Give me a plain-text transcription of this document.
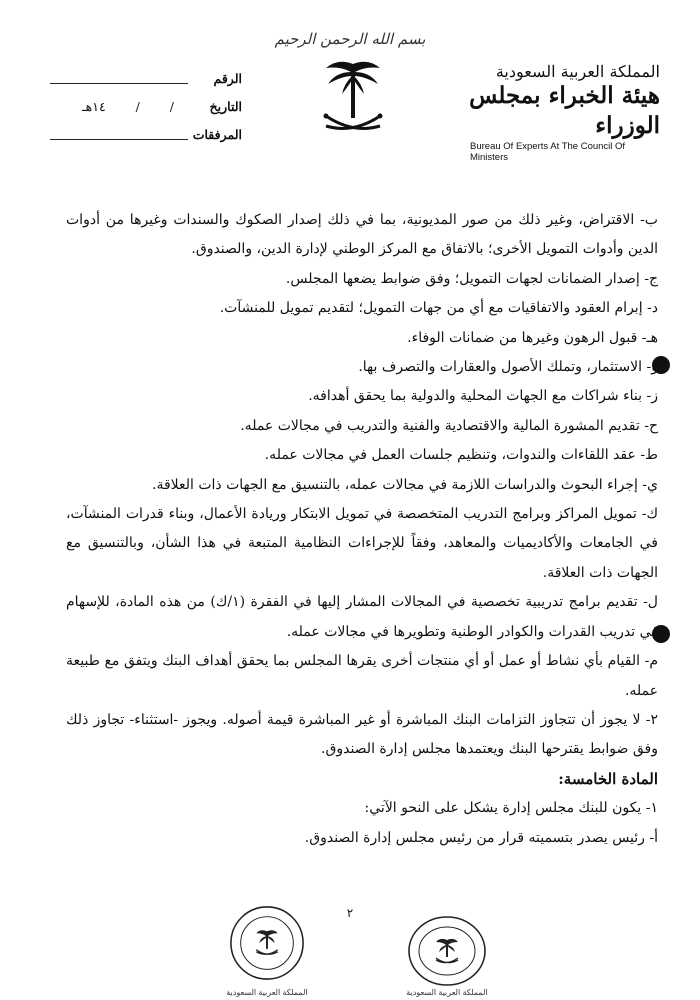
بسم الله الرحمن الرحيم
المملكة العربية السعودية
هيئة الخبراء بمجلس الوزراء
Bureau Of Experts At The Council Of Ministers
الرقم
التاريخ
/
/
١٤هـ
المرفقات

ب- الاقتراض، وغير ذلك من صور المديونية، بما في ذلك إصدار الصكوك والسندات وغيرها من أدوات الدين وأدوات التمويل الأخرى؛ بالاتفاق مع المركز الوطني لإدارة الدين، والصندوق.

ج- إصدار الضمانات لجهات التمويل؛ وفق ضوابط يضعها المجلس.

د- إبرام العقود والاتفاقيات مع أي من جهات التمويل؛ لتقديم تمويل للمنشآت.

هـ- قبول الرهون وغيرها من ضمانات الوفاء.

و- الاستثمار، وتملك الأصول والعقارات والتصرف بها.

ز- بناء شراكات مع الجهات المحلية والدولية بما يحقق أهدافه.

ح- تقديم المشورة المالية والاقتصادية والفنية والتدريب في مجالات عمله.

ط- عقد اللقاءات والندوات، وتنظيم جلسات العمل في مجالات عمله.

ي- إجراء البحوث والدراسات اللازمة في مجالات عمله، بالتنسيق مع الجهات ذات العلاقة.

ك- تمويل المراكز وبرامج التدريب المتخصصة في تمويل الابتكار وريادة الأعمال، وبناء قدرات المنشآت، في الجامعات والأكاديميات والمعاهد، وفقاً للإجراءات النظامية المتبعة في هذا الشأن، وبالتنسيق مع الجهات ذات العلاقة.

ل- تقديم برامج تدريبية تخصصية في المجالات المشار إليها في الفقرة (١/ك) من هذه المادة، للإسهام في تدريب القدرات والكوادر الوطنية وتطويرها في مجالات عمله.

م- القيام بأي نشاط أو عمل أو أي منتجات أخرى يقرها المجلس بما يحقق أهداف البنك ويتفق مع طبيعة عمله.

٢- لا يجوز أن تتجاوز التزامات البنك المباشرة أو غير المباشرة قيمة أصوله. ويجوز -استثناء- تجاوز ذلك وفق ضوابط يقترحها البنك ويعتمدها مجلس إدارة الصندوق.

المادة الخامسة:

١- يكون للبنك مجلس إدارة يشكل على النحو الآتي:

أ- رئيس يصدر بتسميته قرار من رئيس مجلس إدارة الصندوق.

٢
المملكة العربية السعودية	المملكة العربية السعودية
